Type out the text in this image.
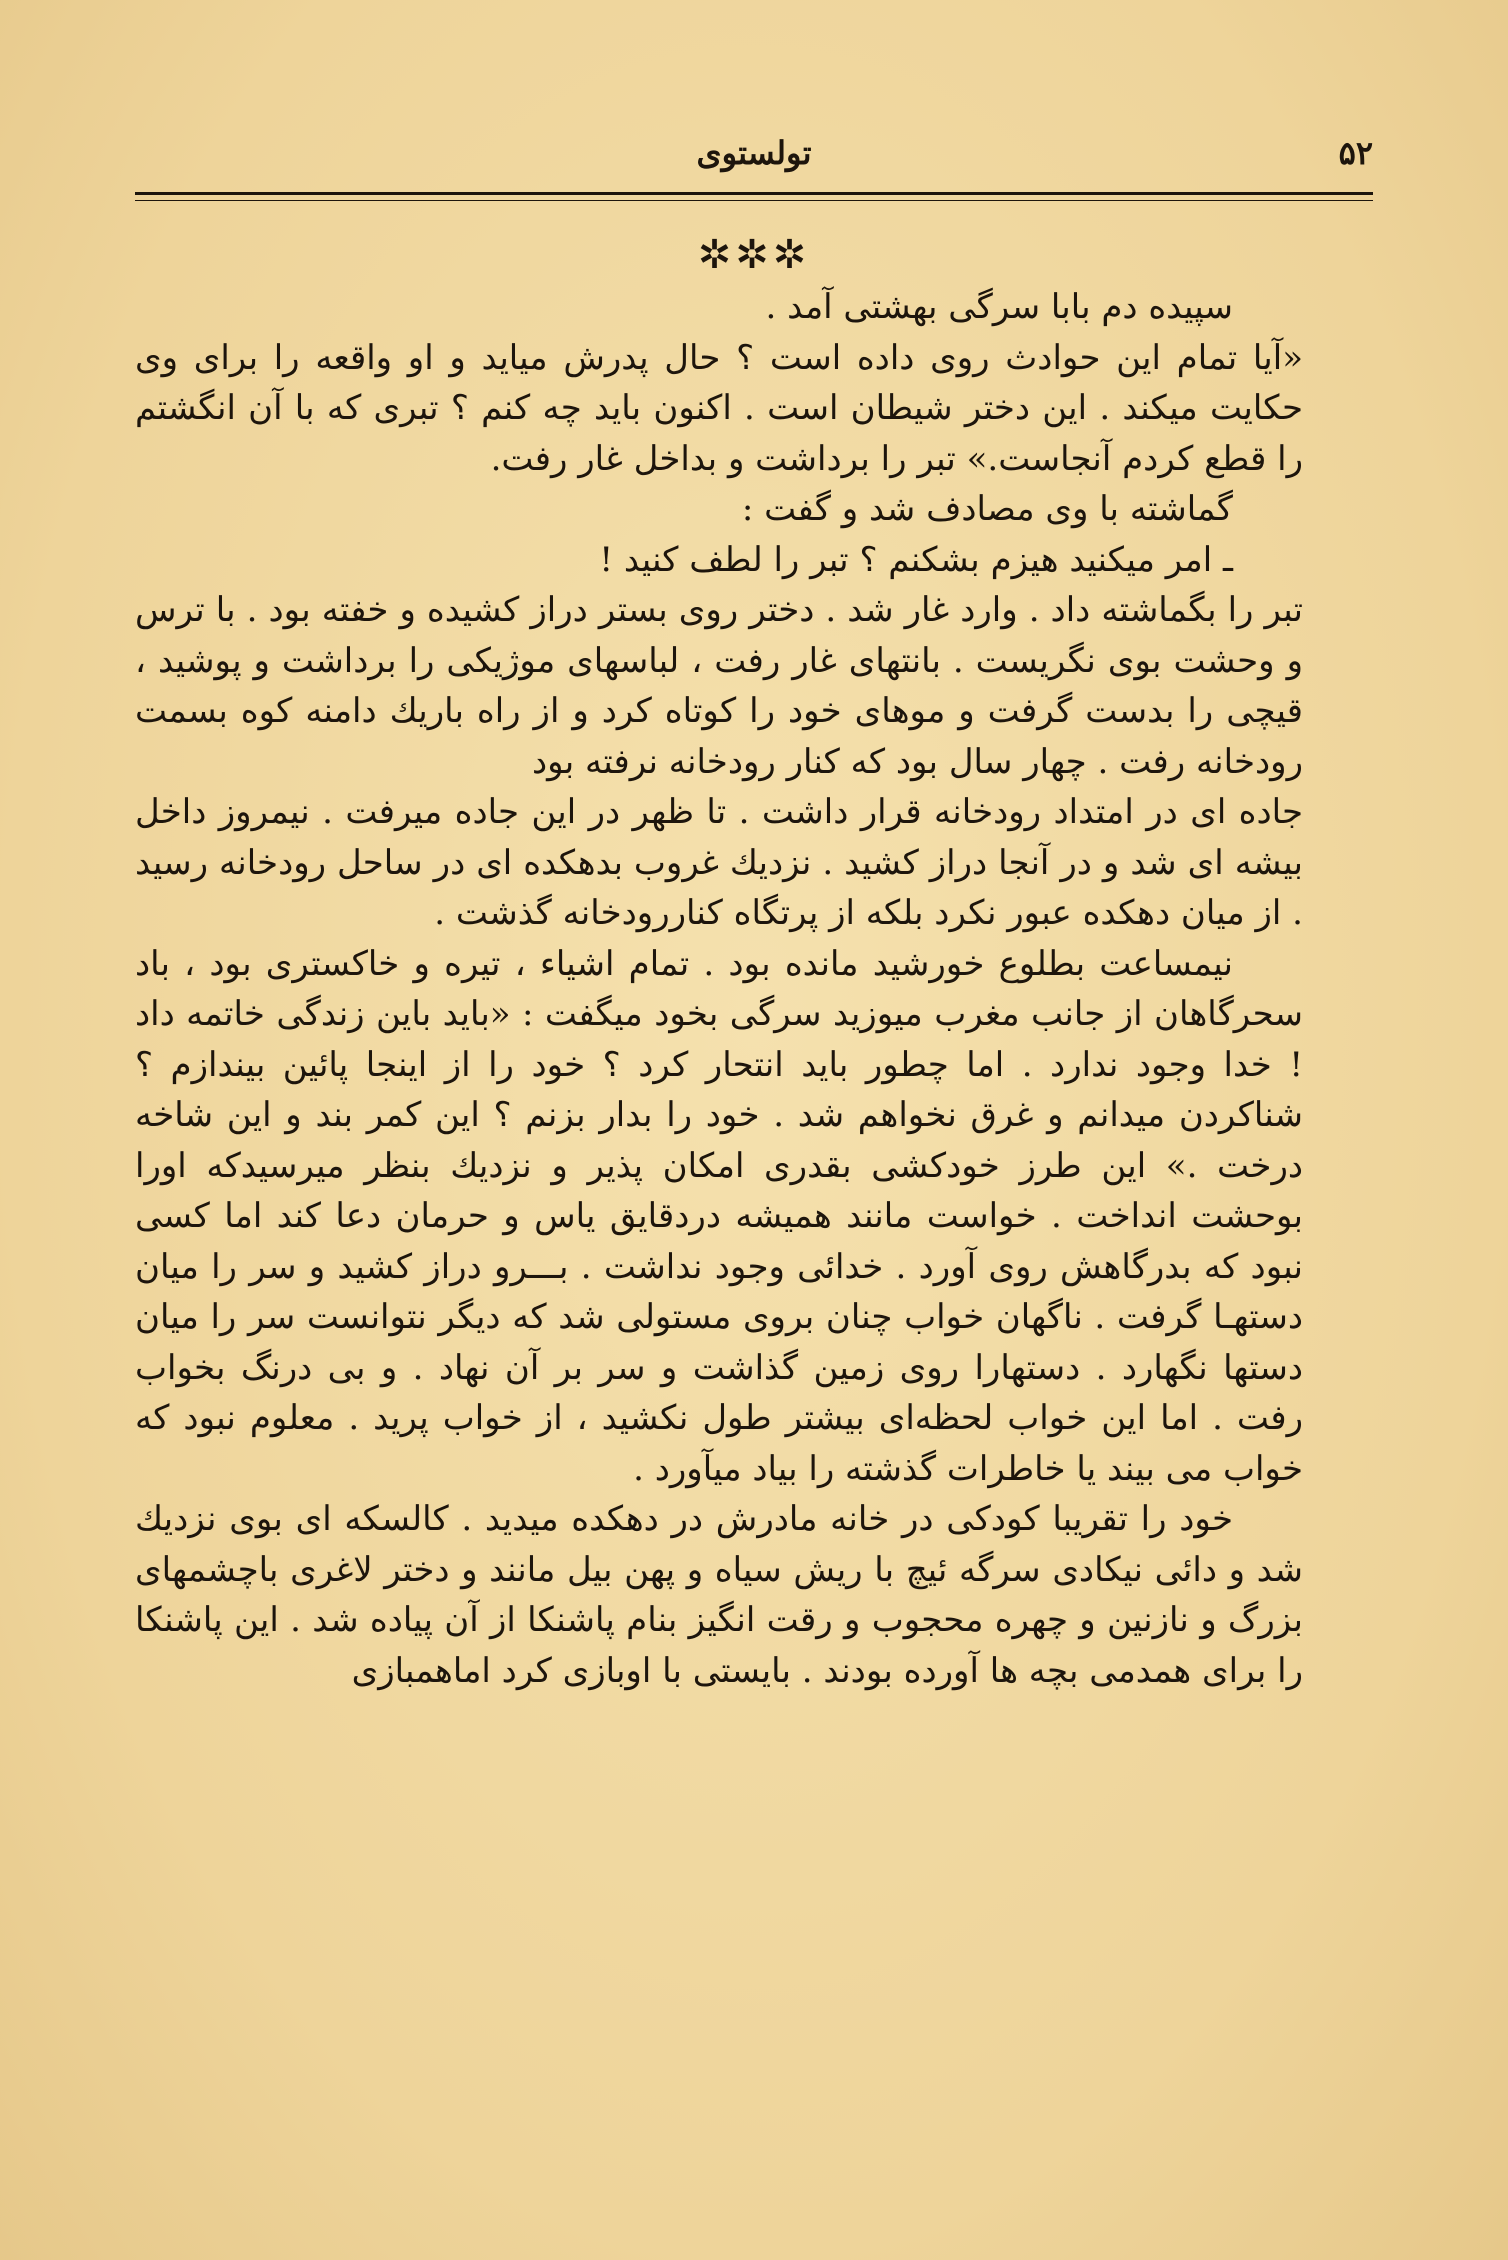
۵۲
تولستوی
✲✲✲

سپیده دم بابا سرگی بهشتی آمد .

«آیا تمام این حوادث روی داده است ؟ حال پدرش میاید و او واقعه را برای وی حکایت میکند . این دختر شیطان است . اکنون باید چه کنم ؟ تبری که با آن انگشتم را قطع کردم آنجاست.» تبر را برداشت و بداخل غار رفت.

گماشته با وی مصادف شد و گفت :

ـ امر میکنید هیزم بشکنم ؟ تبر را لطف کنید !

تبر را بگماشته داد . وارد غار شد . دختر روی بستر دراز کشیده و خفته بود . با ترس و وحشت بوی نگریست . بانتهای غار رفت ، لباسهای موژیکی را برداشت و پوشید ، قیچی را بدست گرفت و موهای خود را کوتاه کرد و از راه باریك دامنه کوه بسمت رودخانه رفت . چهار سال بود که کنار رودخانه نرفته بود

جاده ای در امتداد رودخانه قرار داشت . تا ظهر در این جاده میرفت . نیمروز داخل بیشه ای شد و در آنجا دراز کشید . نزدیك غروب بدهکده ای در ساحل رودخانه رسید . از میان دهکده عبور نکرد بلکه از پرتگاه کناررودخانه گذشت .

نیمساعت بطلوع خورشید مانده بود . تمام اشیاء ، تیره و خاکستری بود ، باد سحرگاهان از جانب مغرب میوزید سرگی بخود میگفت : «باید باین زندگی خاتمه داد ! خدا وجود ندارد . اما چطور باید انتحار کرد ؟ خود را از اینجا پائین بیندازم ؟ شناکردن میدانم و غرق نخواهم شد . خود را بدار بزنم ؟ این کمر بند و این شاخه درخت .» این طرز خودکشی بقدری امکان پذیر و نزدیك بنظر میرسیدکه اورا بوحشت انداخت . خواست مانند همیشه دردقایق یاس و حرمان دعا کند اما کسی نبود که بدرگاهش روی آورد . خدائی وجود نداشت . بـــرو دراز کشید و سر را میان دستهـا گرفت . ناگهان خواب چنان بروی مستولی شد که دیگر نتوانست سر را میان دستها نگهارد . دستهارا روی زمین گذاشت و سر بر آن نهاد . و بی درنگ بخواب رفت . اما این خواب لحظه‌ای بیشتر طول نکشید ، از خواب پرید . معلوم نبود که خواب می بیند یا خاطرات گذشته را بیاد میآورد .

خود را تقریبا کودکی در خانه مادرش در دهکده میدید . کالسکه ای بوی نزدیك شد و دائی نیکادی سرگه ئیچ با ریش سیاه و پهن بیل مانند و دختر لاغری باچشمهای بزرگ و نازنین و چهره محجوب و رقت انگیز بنام پاشنکا از آن پیاده شد . این پاشنکا را برای همدمی بچه ها آورده بودند . بایستی با اوبازی کرد اماهمبازی
